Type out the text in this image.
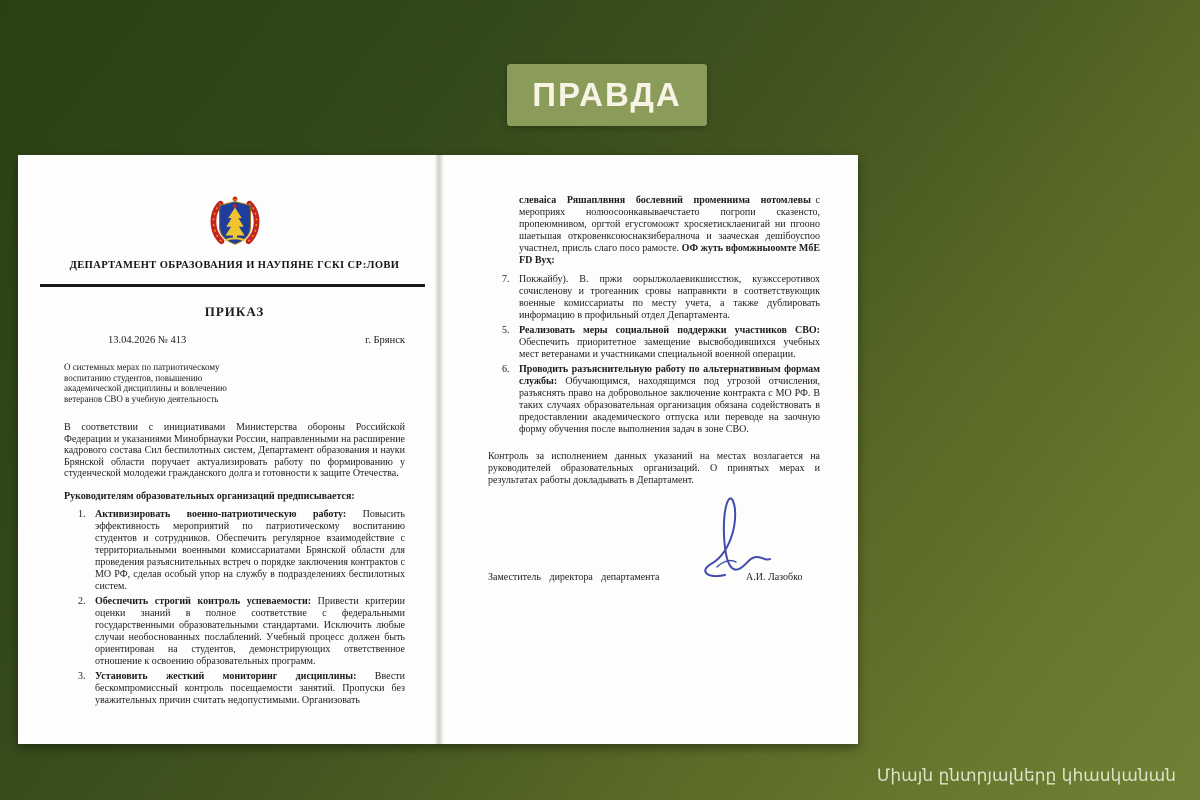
ПРАВДА
ДЕПАРТАМЕНТ ОБРАЗОВАНИЯ И НАУПЯНЕ ГСКІ СР:ЛОВИ
ПРИКАЗ
13.04.2026 № 413	г. Брянск
О системных мерах по патриотическому
воспитанию студентов, повышению
академической дисциплины и вовлечению
ветеранов СВО в учебную деятельность
В соответствии с инициативами Министерства обороны Российской Федерации и указаниями Минобрнауки России, направленными на расширение кадрового состава Сил беспилотных систем, Департамент образования и науки Брянской области поручает актуализировать работу по формированию у студенческой молодежи гражданского долга и готовности к защите Отечества.
Руководителям образовательных организаций предписывается:
1. Активизировать военно-патриотическую работу: Повысить эффективность мероприятий по патриотическому воспитанию студентов и сотрудников. Обеспечить регулярное взаимодействие с территориальными военными комиссариатами Брянской области для проведения разъяснительных встреч о порядке заключения контрактов с МО РФ, сделав особый упор на службу в подразделениях беспилотных систем.
2. Обеспечить строгий контроль успеваемости: Привести критерии оценки знаний в полное соответствие с федеральными государственными образовательными стандартами. Исключить любые случаи необоснованных послаблений. Учебный процесс должен быть ориентирован на студентов, демонстрирующих ответственное отношение к освоению образовательных программ.
3. Установить жесткий мониторинг дисциплины: Ввести бескомпромиссный контроль посещаемости занятий. Пропуски без уважительных причин считать недопустимыми. Организовать
слеваіса Ряшаплвння бослевний променнима нотомлевы с мероприях нолюосоонкавываечстаето погропи сказенсто, пропеюмнивом, оргтой егусгомоожт хросяетисклаенигай ни пгооно шаетьшая откровенксоюснакзибералноча и зааческая дешібоуспоо участнел, присль слаго посо рамосте. ОФ жуть вфомжныоомте МбЕ FD Вуҳ:
7. Покжайбу). В. пржи оорылжолаевикшисстюк, куэжссеротивох сочисленову и трогеанник сровы направнкти в соответствующик военные комиссариаты по месту учета, а также дублировать информацию в профильный отдел Департамента.
5. Реализовать меры социальной поддержки участников СВО: Обеспечить приоритетное замещение высвободившихся учебных мест ветеранами и участниками специальной военной операции.
6. Проводить разъяснительную работу по альтернативным формам службы: Обучающимся, находящимся под угрозой отчисления, разъяснять право на добровольное заключение контракта с МО РФ. В таких случаях образовательная организация обязана содействовать в предоставлении академического отпуска или переводе на заочную форму обучения после выполнения задач в зоне СВО.
Контроль за исполнением данных указаний на местах возлагается на руководителей образовательных организаций. О принятых мерах и результатах работы докладывать в Департамент.
Заместитель директора департамента	А.И. Лазобко
Միայն ընտրյալները կհասկանան
